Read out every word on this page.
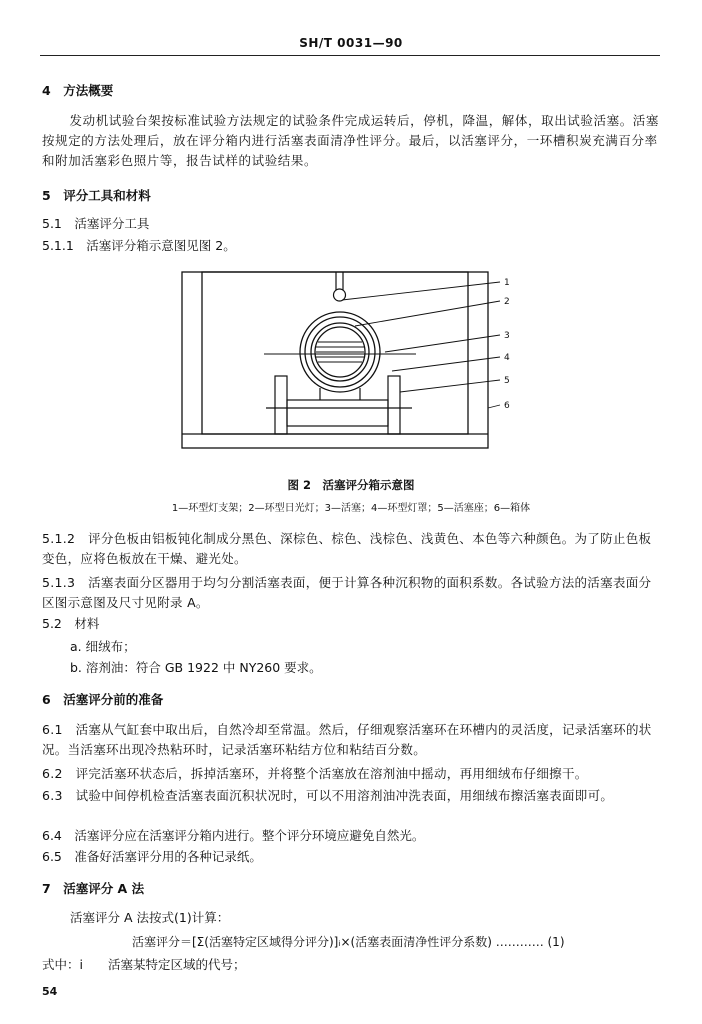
SH/T 0031—90
4　方法概要
发动机试验台架按标准试验方法规定的试验条件完成运转后，停机，降温，解体，取出试验活塞。活塞按规定的方法处理后，放在评分箱内进行活塞表面清净性评分。最后，以活塞评分，一环槽积炭充满百分率和附加活塞彩色照片等，报告试样的试验结果。
5　评分工具和材料
5.1　活塞评分工具
5.1.1　活塞评分箱示意图见图 2。
1
2
3
4
5
6
图 2　活塞评分箱示意图
1—环型灯支架；2—环型日光灯；3—活塞；4—环型灯罩；5—活塞座；6—箱体
5.1.2　评分色板由铝板钝化制成分黑色、深棕色、棕色、浅棕色、浅黄色、本色等六种颜色。为了防止色板变色，应将色板放在干燥、避光处。
5.1.3　活塞表面分区器用于均匀分割活塞表面，便于计算各种沉积物的面积系数。各试验方法的活塞表面分区图示意图及尺寸见附录 A。
5.2　材料
a. 细绒布；
b. 溶剂油：符合 GB 1922 中 NY260 要求。
6　活塞评分前的准备
6.1　活塞从气缸套中取出后，自然冷却至常温。然后，仔细观察活塞环在环槽内的灵活度，记录活塞环的状况。当活塞环出现冷热粘环时，记录活塞环粘结方位和粘结百分数。
6.2　评完活塞环状态后，拆掉活塞环，并将整个活塞放在溶剂油中摇动，再用细绒布仔细擦干。
6.3　试验中间停机检查活塞表面沉积状况时，可以不用溶剂油冲洗表面，用细绒布擦活塞表面即可。
6.4　活塞评分应在活塞评分箱内进行。整个评分环境应避免自然光。
6.5　准备好活塞评分用的各种记录纸。
7　活塞评分 A 法
活塞评分 A 法按式(1)计算：
活塞评分＝[Σ(活塞特定区域得分评分)]ᵢ×(活塞表面清净性评分系数) ………… (1)
式中：i　　活塞某特定区域的代号；
54
